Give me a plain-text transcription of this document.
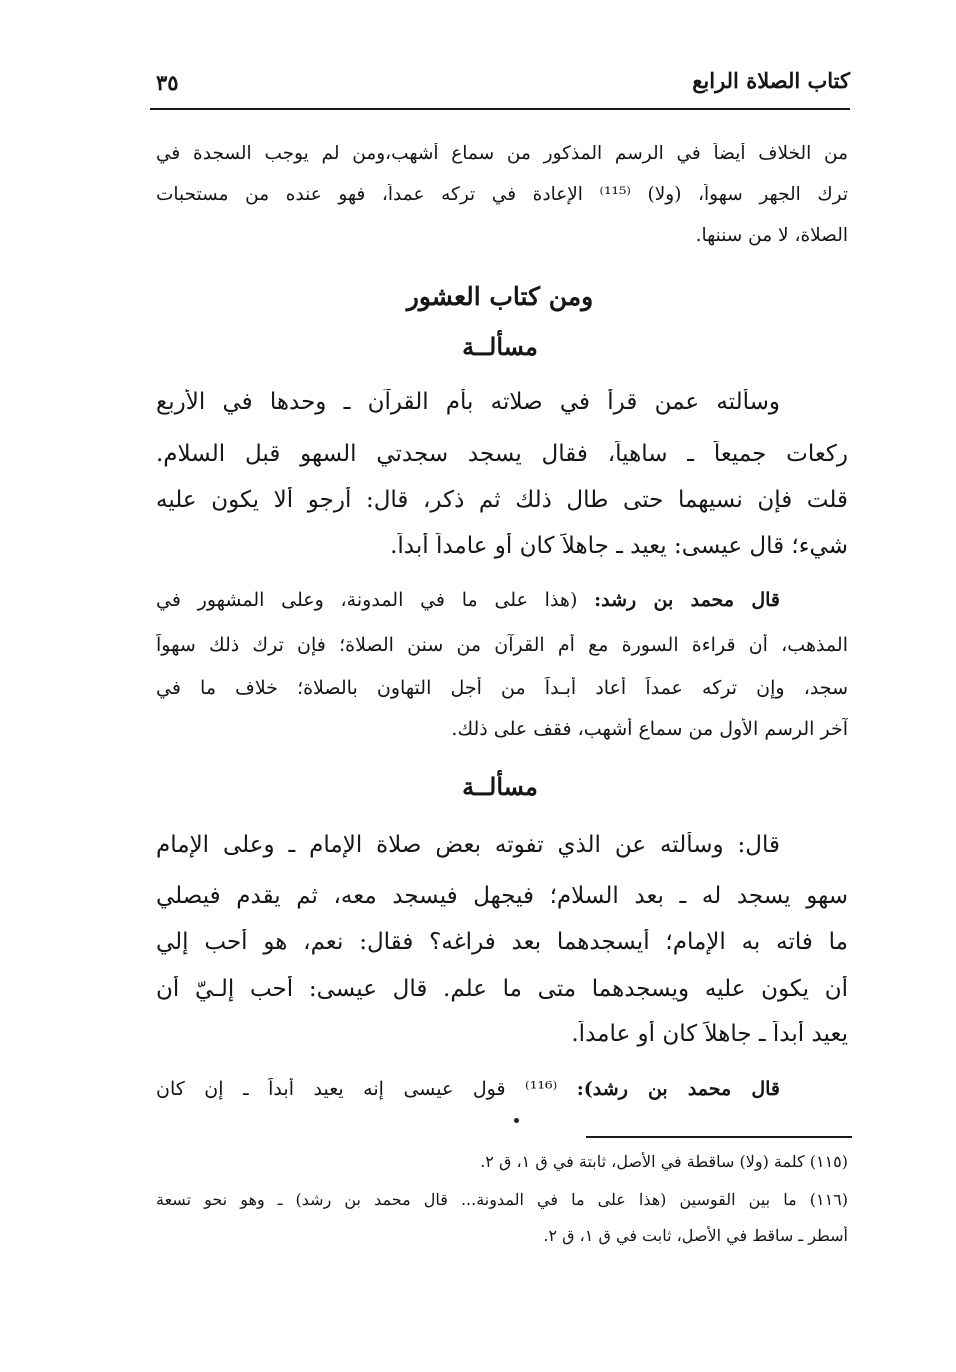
كتاب الصلاة الرابع
٣٥
من الخلاف أيضاً في الرسم المذكور من سماع أشهب،ومن لم يوجب السجدة في
ترك الجهر سهواً، (ولا) ⁽¹¹⁵⁾ الإعادة في تركه عمداً، فهو عنده من مستحبات
الصلاة، لا من سننها.
ومن كتاب العشور
مسألــة
وسألته عمن قرأ في صلاته بأم القرآن ـ وحدها في الأربع
ركعات جميعاً ـ ساهياً، فقال يسجد سجدتي السهو قبل السلام.
قلت فإن نسيهما حتى طال ذلك ثم ذكر، قال: أرجو ألا يكون عليه
شيء؛ قال عيسى: يعيد ـ جاهلاً كان أو عامداً أبداً.
قال محمد بن رشد: (هذا على ما في المدونة، وعلى المشهور في
المذهب، أن قراءة السورة مع أم القرآن من سنن الصلاة؛ فإن ترك ذلك سهواً
سجد، وإن تركه عمداً أعاد أبـداً من أجل التهاون بالصلاة؛ خلاف ما في
آخر الرسم الأول من سماع أشهب، فقف على ذلك.
مسألــة
قال: وسألته عن الذي تفوته بعض صلاة الإمام ـ وعلى الإمام
سهو يسجد له ـ بعد السلام؛ فيجهل فيسجد معه، ثم يقدم فيصلي
ما فاته به الإمام؛ أيسجدهما بعد فراغه؟ فقال: نعم، هو أحب إلي
أن يكون عليه ويسجدهما متى ما علم. قال عيسى: أحب إلـيّ أن
يعيد أبداً ـ جاهلاً كان أو عامداً.
قال محمد بن رشد): ⁽¹¹⁶⁾ قول عيسى إنه يعيد أبداً ـ إن كان
(١١٥) كلمة (ولا) ساقطة في الأصل، ثابتة في ق ١، ق ٢.
(١١٦) ما بين القوسين (هذا على ما في المدونة... قال محمد بن رشد) ـ وهو نحو تسعة
أسطر ـ ساقط في الأصل، ثابت في ق ١، ق ٢.
